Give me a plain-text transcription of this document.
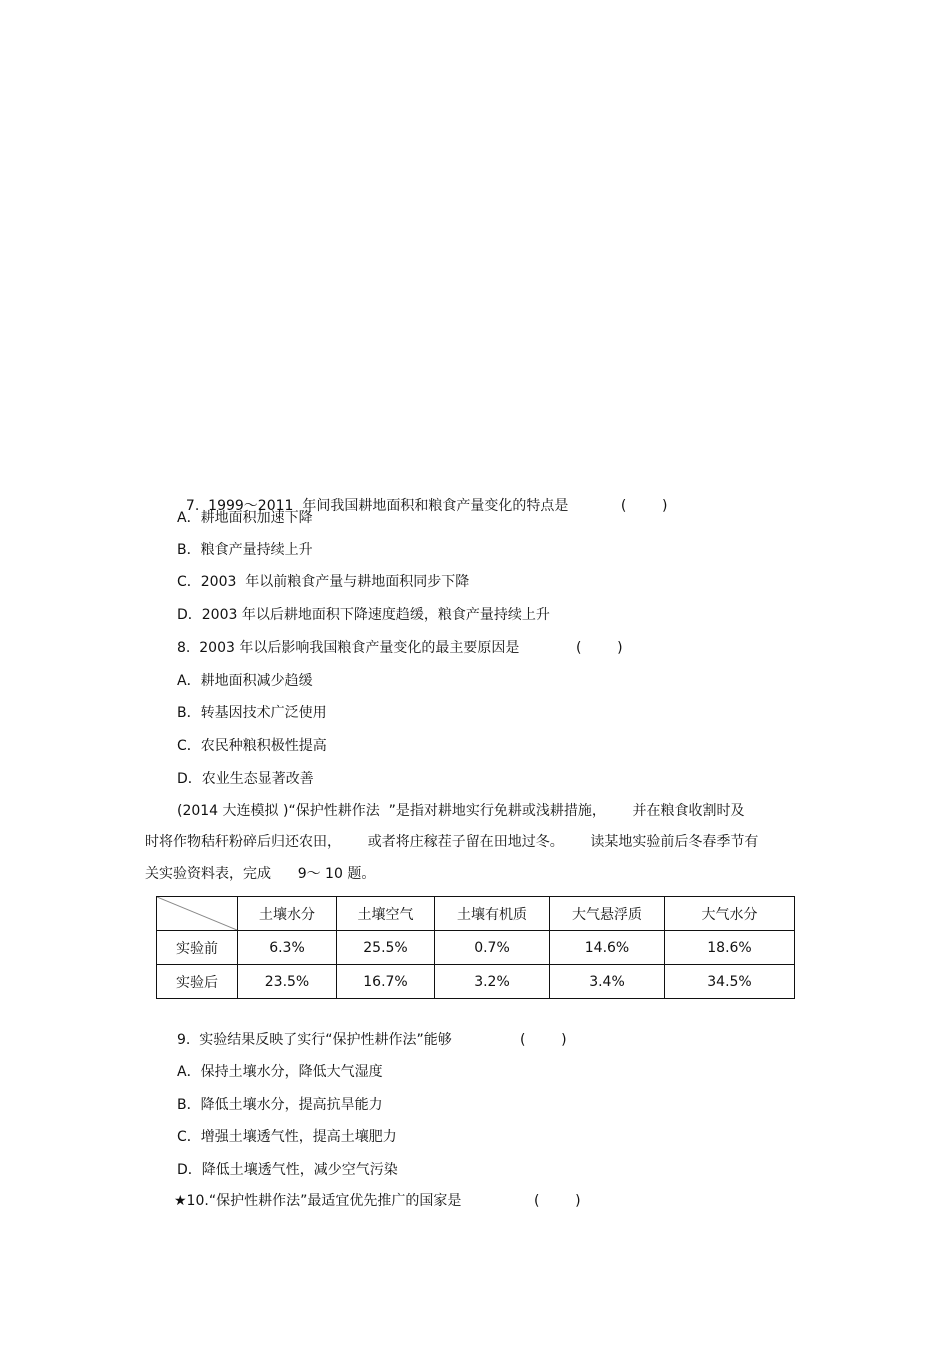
7.  1999～2011  年间我国耕地面积和粮食产量变化的特点是	(        )

A．耕地面积加速下降
B．粮食产量持续上升
C．2003  年以前粮食产量与耕地面积同步下降
D．2003 年以后耕地面积下降速度趋缓，粮食产量持续上升
8.  2003 年以后影响我国粮食产量变化的最主要原因是	(        )
A．耕地面积减少趋缓
B．转基因技术广泛使用
C．农民种粮积极性提高
D．农业生态显著改善
(2014 大连模拟 )“保护性耕作法  ”是指对耕地实行免耕或浅耕措施，      并在粮食收割时及
时将作物秸秆粉碎后归还农田，      或者将庄稼茬子留在田地过冬。      读某地实验前后冬春季节有
关实验资料表，完成      9～ 10 题。
	土壤水分	土壤空气	土壤有机质	大气悬浮质	大气水分
实验前	6.3%	25.5%	0.7%	14.6%	18.6%
实验后	23.5%	16.7%	3.2%	3.4%	34.5%
9.  实验结果反映了实行“保护性耕作法”能够	(        )
A．保持土壤水分，降低大气湿度
B．降低土壤水分，提高抗旱能力
C．增强土壤透气性，提高土壤肥力
D．降低土壤透气性，减少空气污染
★10.“保护性耕作法”最适宜优先推广的国家是	(        )
